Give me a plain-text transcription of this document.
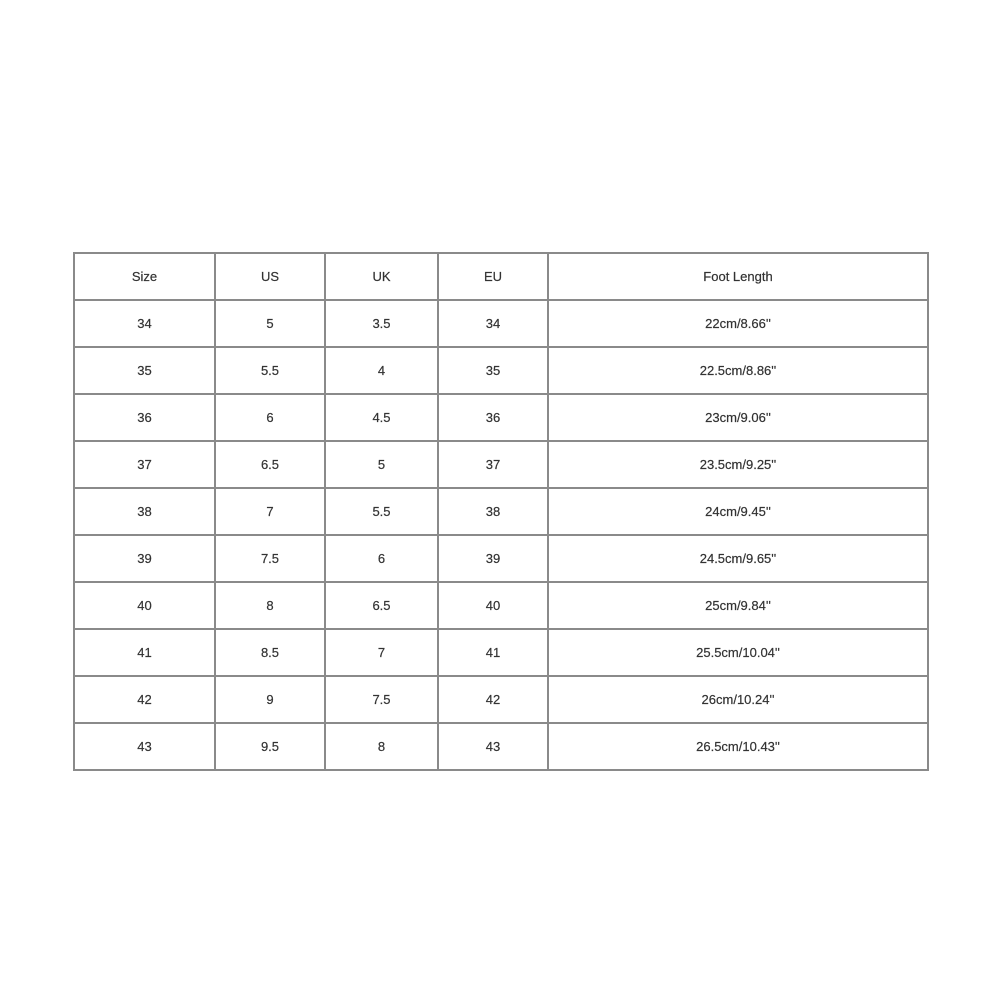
Size	US	UK	EU	Foot Length
34	5	3.5	34	22cm/8.66''
35	5.5	4	35	22.5cm/8.86''
36	6	4.5	36	23cm/9.06''
37	6.5	5	37	23.5cm/9.25''
38	7	5.5	38	24cm/9.45''
39	7.5	6	39	24.5cm/9.65''
40	8	6.5	40	25cm/9.84''
41	8.5	7	41	25.5cm/10.04''
42	9	7.5	42	26cm/10.24''
43	9.5	8	43	26.5cm/10.43''
